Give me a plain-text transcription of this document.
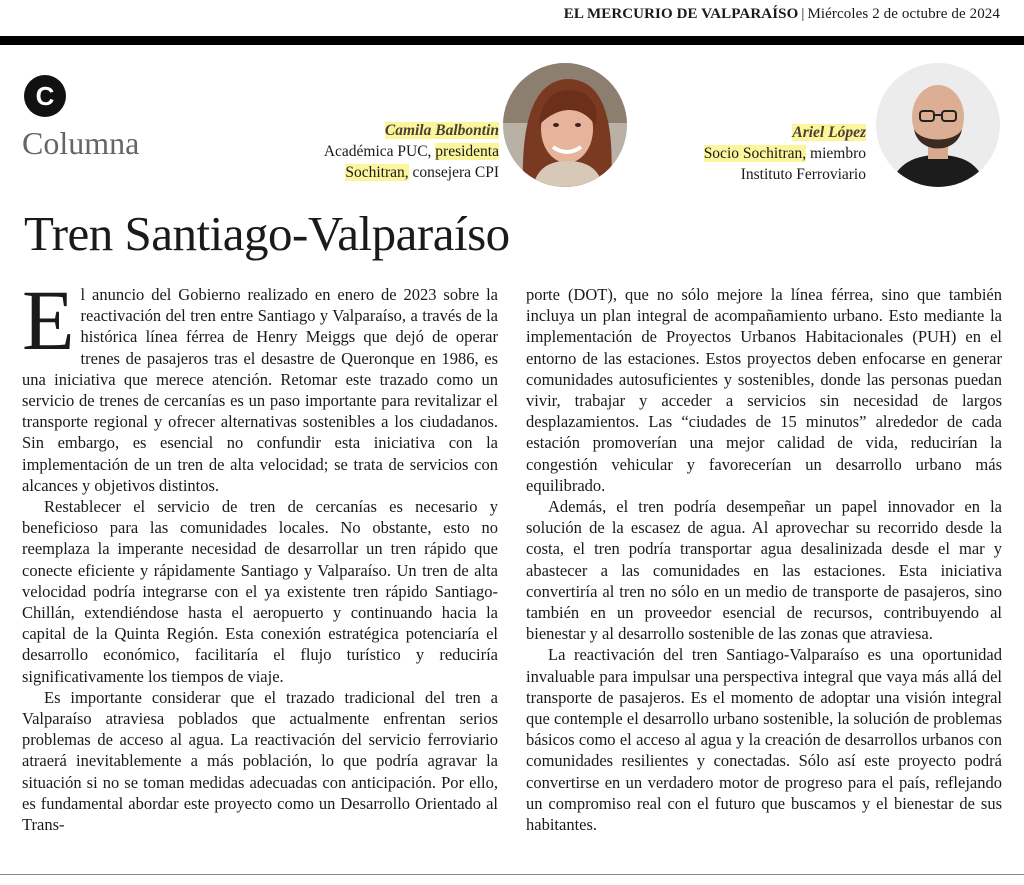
EL MERCURIO DE VALPARAÍSO | Miércoles 2 de octubre de 2024
C
Columna	Camila Balbontin
Académica PUC, presidenta
Sochitran, consejera CPI
Ariel López
Socio Sochitran, miembro
Instituto Ferroviario
Tren Santiago-Valparaíso

El anuncio del Gobierno realizado en enero de 2023 sobre la reactivación del tren entre Santiago y Valparaíso, a través de la histórica línea férrea de Henry Meiggs que dejó de operar trenes de pasajeros tras el desastre de Queronque en 1986, es una iniciativa que merece atención. Retomar este trazado como un servicio de trenes de cercanías es un paso importante para revitalizar el transporte regional y ofrecer alternativas sostenibles a los ciudadanos. Sin embargo, es esencial no confundir esta iniciativa con la implementación de un tren de alta velocidad; se trata de servicios con alcances y objetivos distintos.

Restablecer el servicio de tren de cercanías es necesario y beneficioso para las comunidades locales. No obstante, esto no reemplaza la imperante necesidad de desarrollar un tren rápido que conecte eficiente y rápidamente Santiago y Valparaíso. Un tren de alta velocidad podría integrarse con el ya existente tren rápido Santiago-Chillán, extendiéndose hasta el aeropuerto y continuando hacia la capital de la Quinta Región. Esta conexión estratégica potenciaría el desarrollo económico, facilitaría el flujo turístico y reduciría significativamente los tiempos de viaje.

Es importante considerar que el trazado tradicional del tren a Valparaíso atraviesa poblados que actualmente enfrentan serios problemas de acceso al agua. La reactivación del servicio ferroviario atraerá inevitablemente a más población, lo que podría agravar la situación si no se toman medidas adecuadas con anticipación. Por ello, es fundamental abordar este proyecto como un Desarrollo Orientado al Trans-

porte (DOT), que no sólo mejore la línea férrea, sino que también incluya un plan integral de acompañamiento urbano. Esto mediante la implementación de Proyectos Urbanos Habitacionales (PUH) en el entorno de las estaciones. Estos proyectos deben enfocarse en generar comunidades autosuficientes y sostenibles, donde las personas puedan vivir, trabajar y acceder a servicios sin necesidad de largos desplazamientos. Las “ciudades de 15 minutos” alrededor de cada estación promoverían una mejor calidad de vida, reducirían la congestión vehicular y favorecerían un desarrollo urbano más equilibrado.

Además, el tren podría desempeñar un papel innovador en la solución de la escasez de agua. Al aprovechar su recorrido desde la costa, el tren podría transportar agua desalinizada desde el mar y abastecer a las comunidades en las estaciones. Esta iniciativa convertiría al tren no sólo en un medio de transporte de pasajeros, sino también en un proveedor esencial de recursos, contribuyendo al bienestar y al desarrollo sostenible de las zonas que atraviesa.

La reactivación del tren Santiago-Valparaíso es una oportunidad invaluable para impulsar una perspectiva integral que vaya más allá del transporte de pasajeros. Es el momento de adoptar una visión integral que contemple el desarrollo urbano sostenible, la solución de problemas básicos como el acceso al agua y la creación de desarrollos urbanos con comunidades resilientes y conectadas. Sólo así este proyecto podrá convertirse en un verdadero motor de progreso para el país, reflejando un compromiso real con el futuro que buscamos y el bienestar de sus habitantes.
